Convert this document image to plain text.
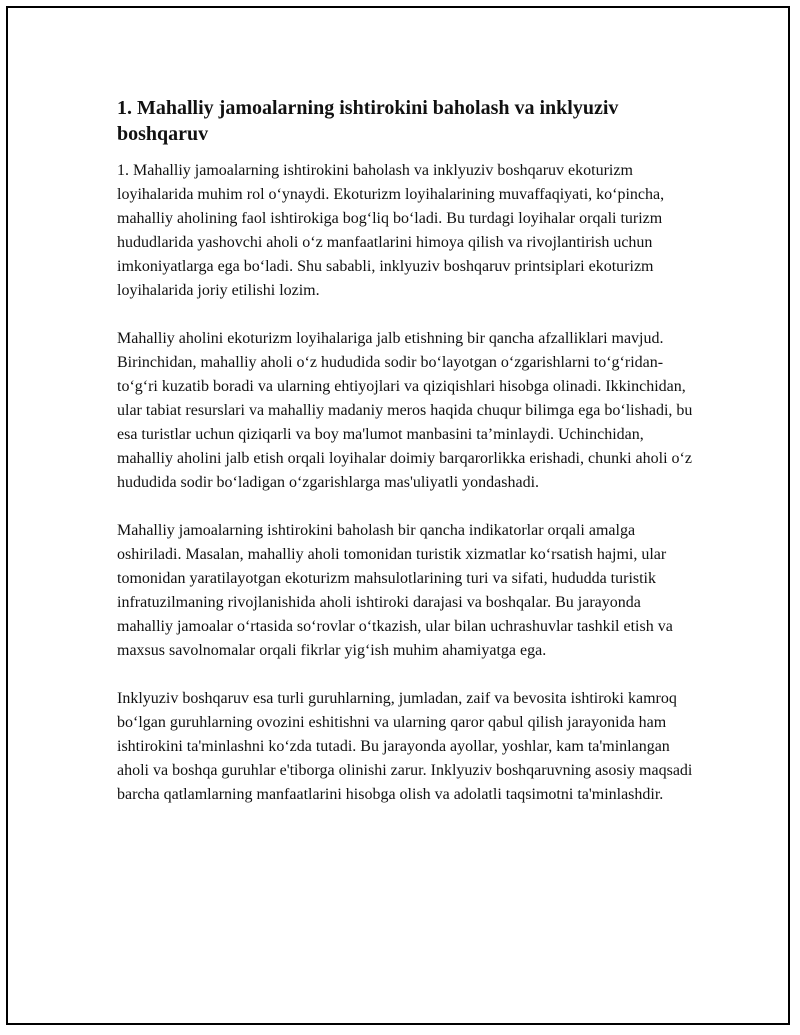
1. Mahalliy jamoalarning ishtirokini baholash va inklyuziv boshqaruv

1. Mahalliy jamoalarning ishtirokini baholash va inklyuziv boshqaruv ekoturizm loyihalarida muhim rol o‘ynaydi. Ekoturizm loyihalarining muvaffaqiyati, ko‘pincha, mahalliy aholining faol ishtirokiga bog‘liq bo‘ladi. Bu turdagi loyihalar orqali turizm hududlarida yashovchi aholi o‘z manfaatlarini himoya qilish va rivojlantirish uchun imkoniyatlarga ega bo‘ladi. Shu sababli, inklyuziv boshqaruv printsiplari ekoturizm loyihalarida joriy etilishi lozim.

Mahalliy aholini ekoturizm loyihalariga jalb etishning bir qancha afzalliklari mavjud. Birinchidan, mahalliy aholi o‘z hududida sodir bo‘layotgan o‘zgarishlarni to‘g‘ridan-to‘g‘ri kuzatib boradi va ularning ehtiyojlari va qiziqishlari hisobga olinadi. Ikkinchidan, ular tabiat resurslari va mahalliy madaniy meros haqida chuqur bilimga ega bo‘lishadi, bu esa turistlar uchun qiziqarli va boy ma'lumot manbasini ta’minlaydi. Uchinchidan, mahalliy aholini jalb etish orqali loyihalar doimiy barqarorlikka erishadi, chunki aholi o‘z hududida sodir bo‘ladigan o‘zgarishlarga mas'uliyatli yondashadi.

Mahalliy jamoalarning ishtirokini baholash bir qancha indikatorlar orqali amalga oshiriladi. Masalan, mahalliy aholi tomonidan turistik xizmatlar ko‘rsatish hajmi, ular tomonidan yaratilayotgan ekoturizm mahsulotlarining turi va sifati, hududda turistik infratuzilmaning rivojlanishida aholi ishtiroki darajasi va boshqalar. Bu jarayonda mahalliy jamoalar o‘rtasida so‘rovlar o‘tkazish, ular bilan uchrashuvlar tashkil etish va maxsus savolnomalar orqali fikrlar yig‘ish muhim ahamiyatga ega.

Inklyuziv boshqaruv esa turli guruhlarning, jumladan, zaif va bevosita ishtiroki kamroq bo‘lgan guruhlarning ovozini eshitishni va ularning qaror qabul qilish jarayonida ham ishtirokini ta'minlashni ko‘zda tutadi. Bu jarayonda ayollar, yoshlar, kam ta'minlangan aholi va boshqa guruhlar e'tiborga olinishi zarur. Inklyuziv boshqaruvning asosiy maqsadi barcha qatlamlarning manfaatlarini hisobga olish va adolatli taqsimotni ta'minlashdir.
